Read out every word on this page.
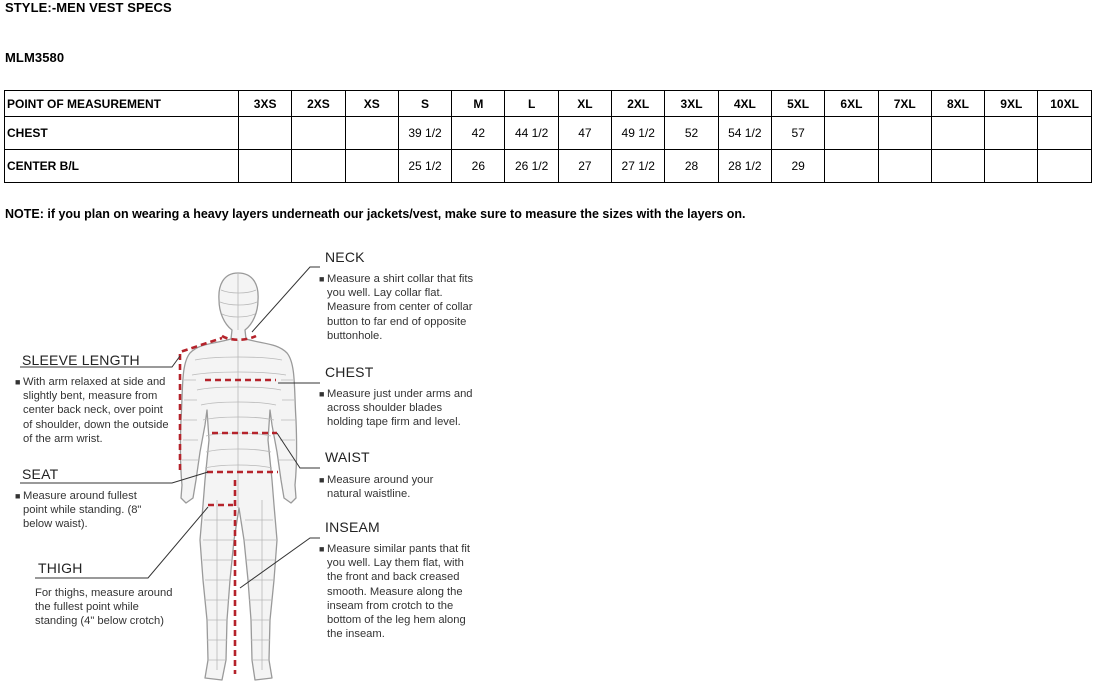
STYLE:-MEN VEST SPECS
MLM3580
POINT OF MEASUREMENT	3XS	2XS	XS	S	M	L	XL	2XL	3XL	4XL	5XL	6XL	7XL	8XL	9XL	10XL
CHEST				39 1/2	42	44 1/2	47	49 1/2	52	54 1/2	57					
CENTER B/L				25 1/2	26	26 1/2	27	27 1/2	28	28 1/2	29					
NOTE: if you plan on wearing a heavy layers underneath our jackets/vest, make sure to measure the sizes with the layers on.
NECK
■ Measure a shirt collar that fits you well. Lay collar flat. Measure from center of collar button to far end of opposite buttonhole.
SLEEVE LENGTH
■ With arm relaxed at side and slightly bent, measure from center back neck, over point of shoulder, down the outside of the arm wrist.
CHEST
■ Measure just under arms and across shoulder blades holding tape firm and level.
SEAT
■ Measure around fullest point while standing. (8" below waist).
WAIST
■ Measure around your natural waistline.
INSEAM
■ Measure similar pants that fit you well. Lay them flat, with the front and back creased smooth. Measure along the inseam from crotch to the bottom of the leg hem along the inseam.
THIGH
For thighs, measure around the fullest point while standing (4" below crotch)
